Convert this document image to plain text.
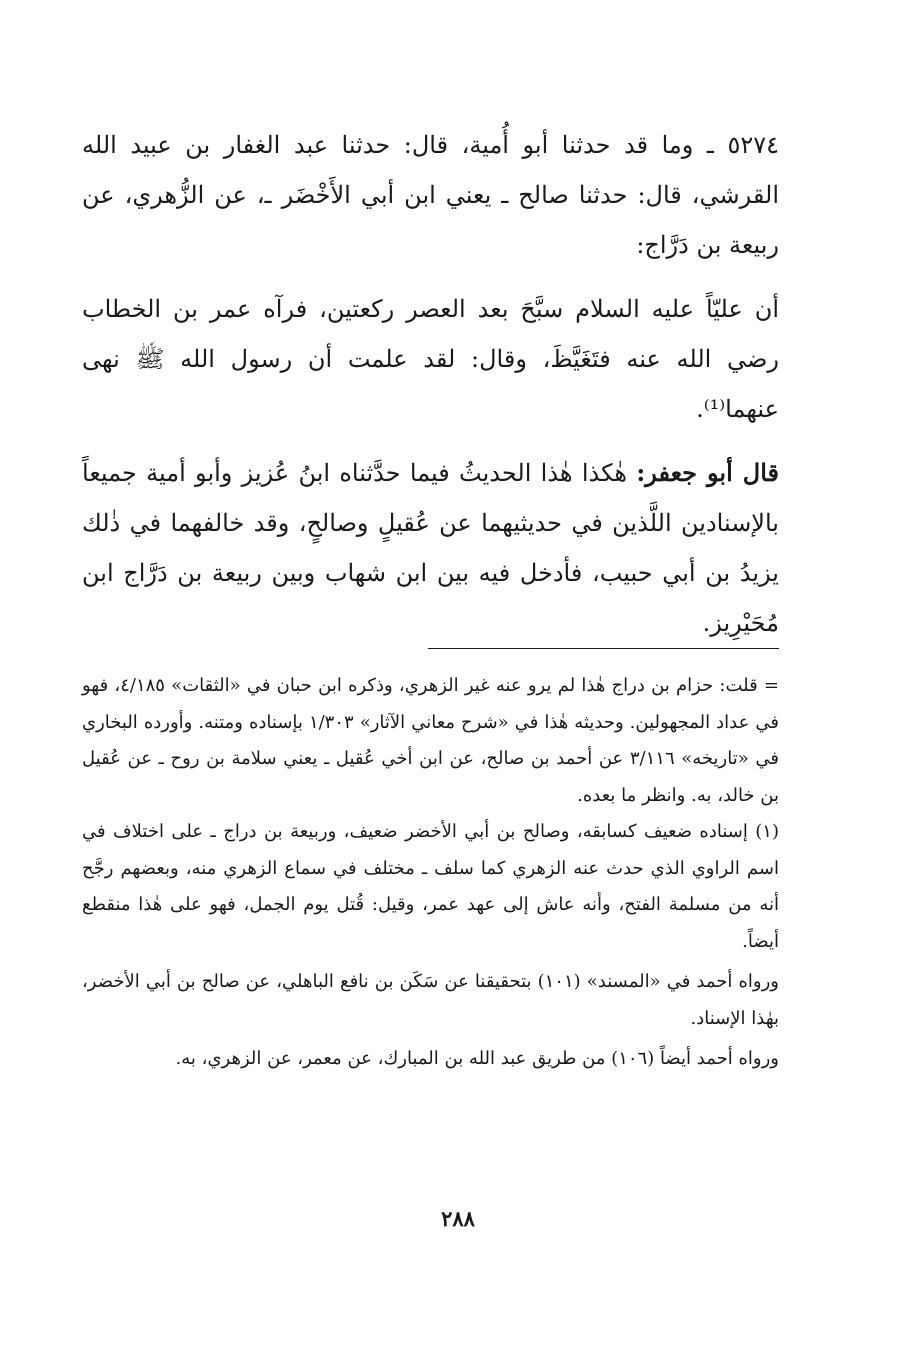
٥٢٧٤ ـ وما قد حدثنا أبو أُمية، قال: حدثنا عبد الغفار بن عبيد الله القرشي، قال: حدثنا صالح ـ يعني ابن أبي الأَخْضَر ـ، عن الزُّهري، عن ربيعة بن دَرَّاج:

أن عليّاً عليه السلام سبَّحَ بعد العصر ركعتين، فرآه عمر بن الخطاب رضي الله عنه فتَغَيَّظَ، وقال: لقد علمت أن رسول الله ﷺ نهى عنهما⁽¹⁾.

قال أبو جعفر: هٰكذا هٰذا الحديثُ فيما حدَّثناه ابنُ عُزيز وأبو أمية جميعاً بالإسنادين اللَّذين في حديثيهما عن عُقيلٍ وصالحٍ، وقد خالفهما في ذٰلك يزيدُ بن أبي حبيب، فأدخل فيه بين ابن شهاب وبين ربيعة بن دَرَّاج ابن مُحَيْرِيز.

= قلت: حزام بن دراج هٰذا لم يرو عنه غير الزهري، وذكره ابن حبان في «الثقات» ٤/١٨٥، فهو في عداد المجهولين. وحديثه هٰذا في «شرح معاني الآثار» ١/٣٠٣ بإسناده ومتنه. وأورده البخاري في «تاريخه» ٣/١١٦ عن أحمد بن صالح، عن ابن أخي عُقيل ـ يعني سلامة بن روح ـ عن عُقيل بن خالد، به. وانظر ما بعده.

(١) إسناده ضعيف كسابقه، وصالح بن أبي الأخضر ضعيف، وربيعة بن دراج ـ على اختلاف في اسم الراوي الذي حدث عنه الزهري كما سلف ـ مختلف في سماع الزهري منه، وبعضهم رجَّح أنه من مسلمة الفتح، وأنه عاش إلى عهد عمر، وقيل: قُتل يوم الجمل، فهو على هٰذا منقطع أيضاً.

ورواه أحمد في «المسند» (١٠١) بتحقيقنا عن سَكَن بن نافع الباهلي، عن صالح بن أبي الأخضر، بهٰذا الإسناد.

ورواه أحمد أيضاً (١٠٦) من طريق عبد الله بن المبارك، عن معمر، عن الزهري، به.

٢٨٨
